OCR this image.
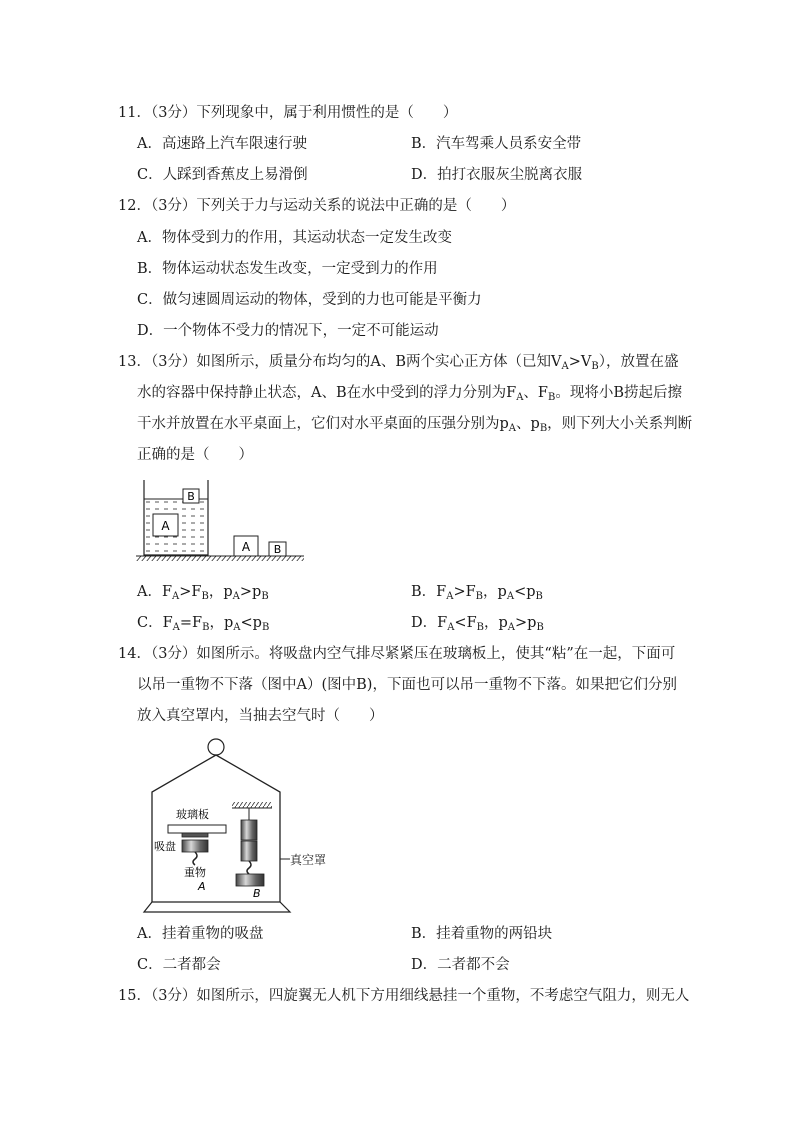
11．（3分）下列现象中，属于利用惯性的是（　　）
A．高速路上汽车限速行驶	B．汽车驾乘人员系安全带
C．人踩到香蕉皮上易滑倒	D．拍打衣服灰尘脱离衣服
12．（3分）下列关于力与运动关系的说法中正确的是（　　）
A．物体受到力的作用，其运动状态一定发生改变
B．物体运动状态发生改变，一定受到力的作用
C．做匀速圆周运动的物体，受到的力也可能是平衡力
D．一个物体不受力的情况下，一定不可能运动
13．（3分）如图所示，质量分布均匀的A、B两个实心正方体（已知$V_A>V_B$），放置在盛
水的容器中保持静止状态，A、B在水中受到的浮力分别为$F_A$、$F_B$。现将小B捞起后擦
干水并放置在水平桌面上，它们对水平桌面的压强分别为$p_A$、$p_B$，则下列大小关系判断
正确的是（　　）
A
B
A B
A．$F_A>F_B$，$p_A>p_B$	B．$F_A>F_B$，$p_A<p_B$
C．$F_A=F_B$，$p_A<p_B$	D．$F_A<F_B$，$p_A>p_B$
14．（3分）如图所示。将吸盘内空气排尽紧紧压在玻璃板上，使其“粘”在一起，下面可
以吊一重物不下落（图中A）(图中B)，下面也可以吊一重物不下落。如果把它们分别
放入真空罩内，当抽去空气时（　　）
玻璃板
吸盘
重物
A
B
真空罩
A．挂着重物的吸盘	B．挂着重物的两铅块
C．二者都会	D．二者都不会
15．（3分）如图所示，四旋翼无人机下方用细线悬挂一个重物，不考虑空气阻力，则无人
